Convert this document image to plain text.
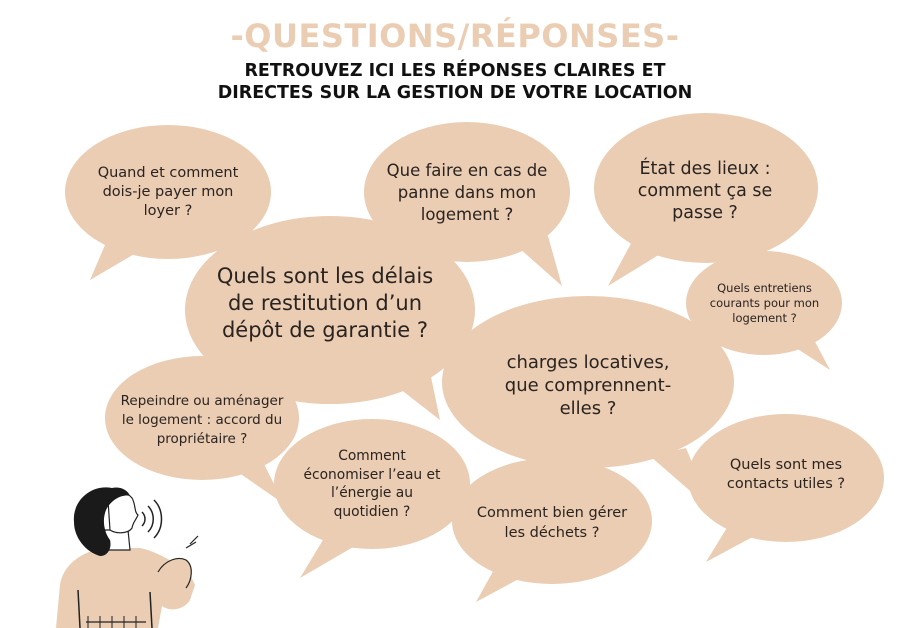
-QUESTIONS/RÉPONSES-
RETROUVEZ ICI LES RÉPONSES CLAIRES ET
DIRECTES SUR LA GESTION DE VOTRE LOCATION
Quand et comment
dois-je payer mon
loyer ?
Que faire en cas de
panne dans mon
logement ?
État des lieux :
comment ça se
passe ?
Quels sont les délais
de restitution d’un
dépôt de garantie ?
Quels entretiens
courants pour mon
logement ?
Repeindre ou aménager
le logement : accord du
propriétaire ?
charges locatives,
que comprennent-
elles ?
Comment
économiser l’eau et
l’énergie au
quotidien ?
Quels sont mes
contacts utiles ?
Comment bien gérer
les déchets ?
